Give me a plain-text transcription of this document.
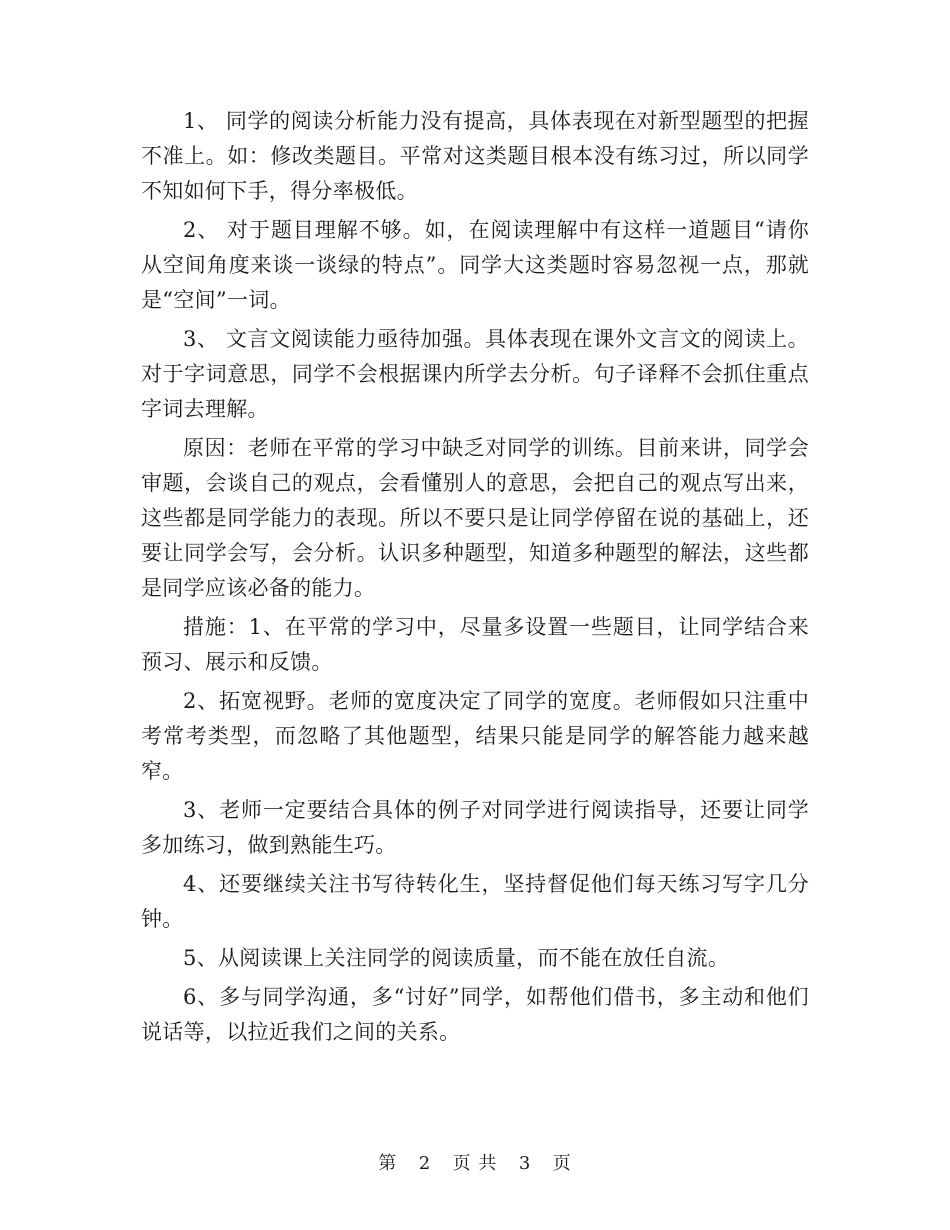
1、 同学的阅读分析能力没有提高，具体表现在对新型题型的把握不准上。如：修改类题目。平常对这类题目根本没有练习过，所以同学不知如何下手，得分率极低。

2、 对于题目理解不够。如，在阅读理解中有这样一道题目“请你从空间角度来谈一谈绿的特点”。同学大这类题时容易忽视一点，那就是“空间”一词。

3、 文言文阅读能力亟待加强。具体表现在课外文言文的阅读上。对于字词意思，同学不会根据课内所学去分析。句子译释不会抓住重点字词去理解。

原因：老师在平常的学习中缺乏对同学的训练。目前来讲，同学会审题，会谈自己的观点，会看懂别人的意思，会把自己的观点写出来，这些都是同学能力的表现。所以不要只是让同学停留在说的基础上，还要让同学会写，会分析。认识多种题型，知道多种题型的解法，这些都是同学应该必备的能力。

措施：1、在平常的学习中，尽量多设置一些题目，让同学结合来预习、展示和反馈。

2、拓宽视野。老师的宽度决定了同学的宽度。老师假如只注重中考常考类型，而忽略了其他题型，结果只能是同学的解答能力越来越窄。

3、老师一定要结合具体的例子对同学进行阅读指导，还要让同学多加练习，做到熟能生巧。

4、还要继续关注书写待转化生，坚持督促他们每天练习写字几分钟。

5、从阅读课上关注同学的阅读质量，而不能在放任自流。

6、多与同学沟通，多“讨好”同学，如帮他们借书，多主动和他们说话等，以拉近我们之间的关系。

第 2 页 共 3 页
